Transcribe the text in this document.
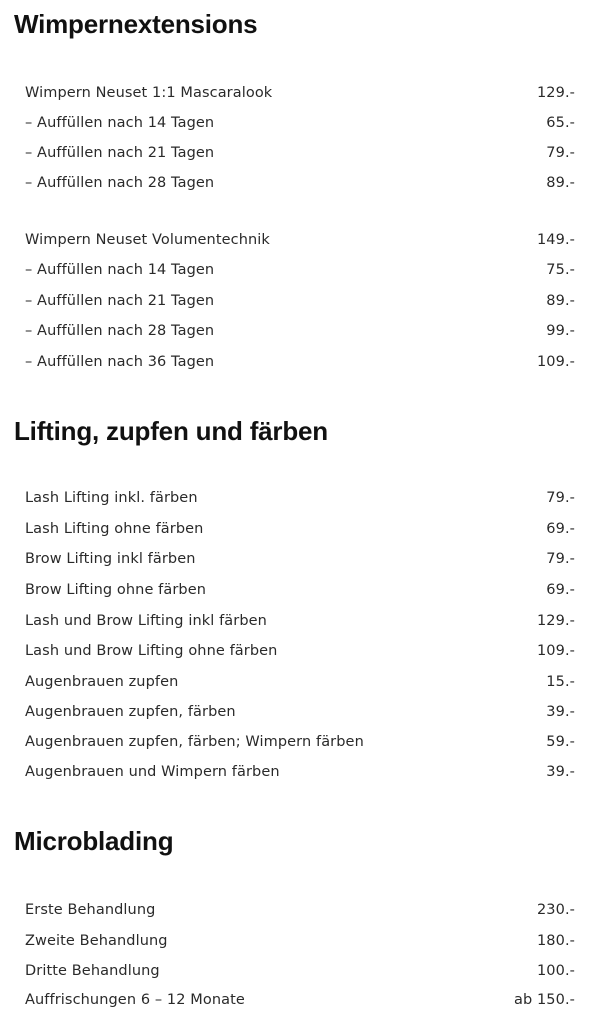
Wimpernextensions
Wimpern Neuset 1:1 Mascaralook	129.-
– Auffüllen nach 14 Tagen	65.-
– Auffüllen nach 21 Tagen	79.-
– Auffüllen nach 28 Tagen	89.-
Wimpern Neuset Volumentechnik	149.-
– Auffüllen nach 14 Tagen	75.-
– Auffüllen nach 21 Tagen	89.-
– Auffüllen nach 28 Tagen	99.-
– Auffüllen nach 36 Tagen	109.-
Lifting, zupfen und färben
Lash Lifting inkl. färben	79.-
Lash Lifting ohne färben	69.-
Brow Lifting inkl färben	79.-
Brow Lifting ohne färben	69.-
Lash und Brow Lifting inkl färben	129.-
Lash und Brow Lifting ohne färben	109.-
Augenbrauen zupfen	15.-
Augenbrauen zupfen, färben	39.-
Augenbrauen zupfen, färben; Wimpern färben	59.-
Augenbrauen und Wimpern färben	39.-
Microblading
Erste Behandlung	230.-
Zweite Behandlung	180.-
Dritte Behandlung	100.-
Auffrischungen 6 – 12 Monate	ab 150.-
